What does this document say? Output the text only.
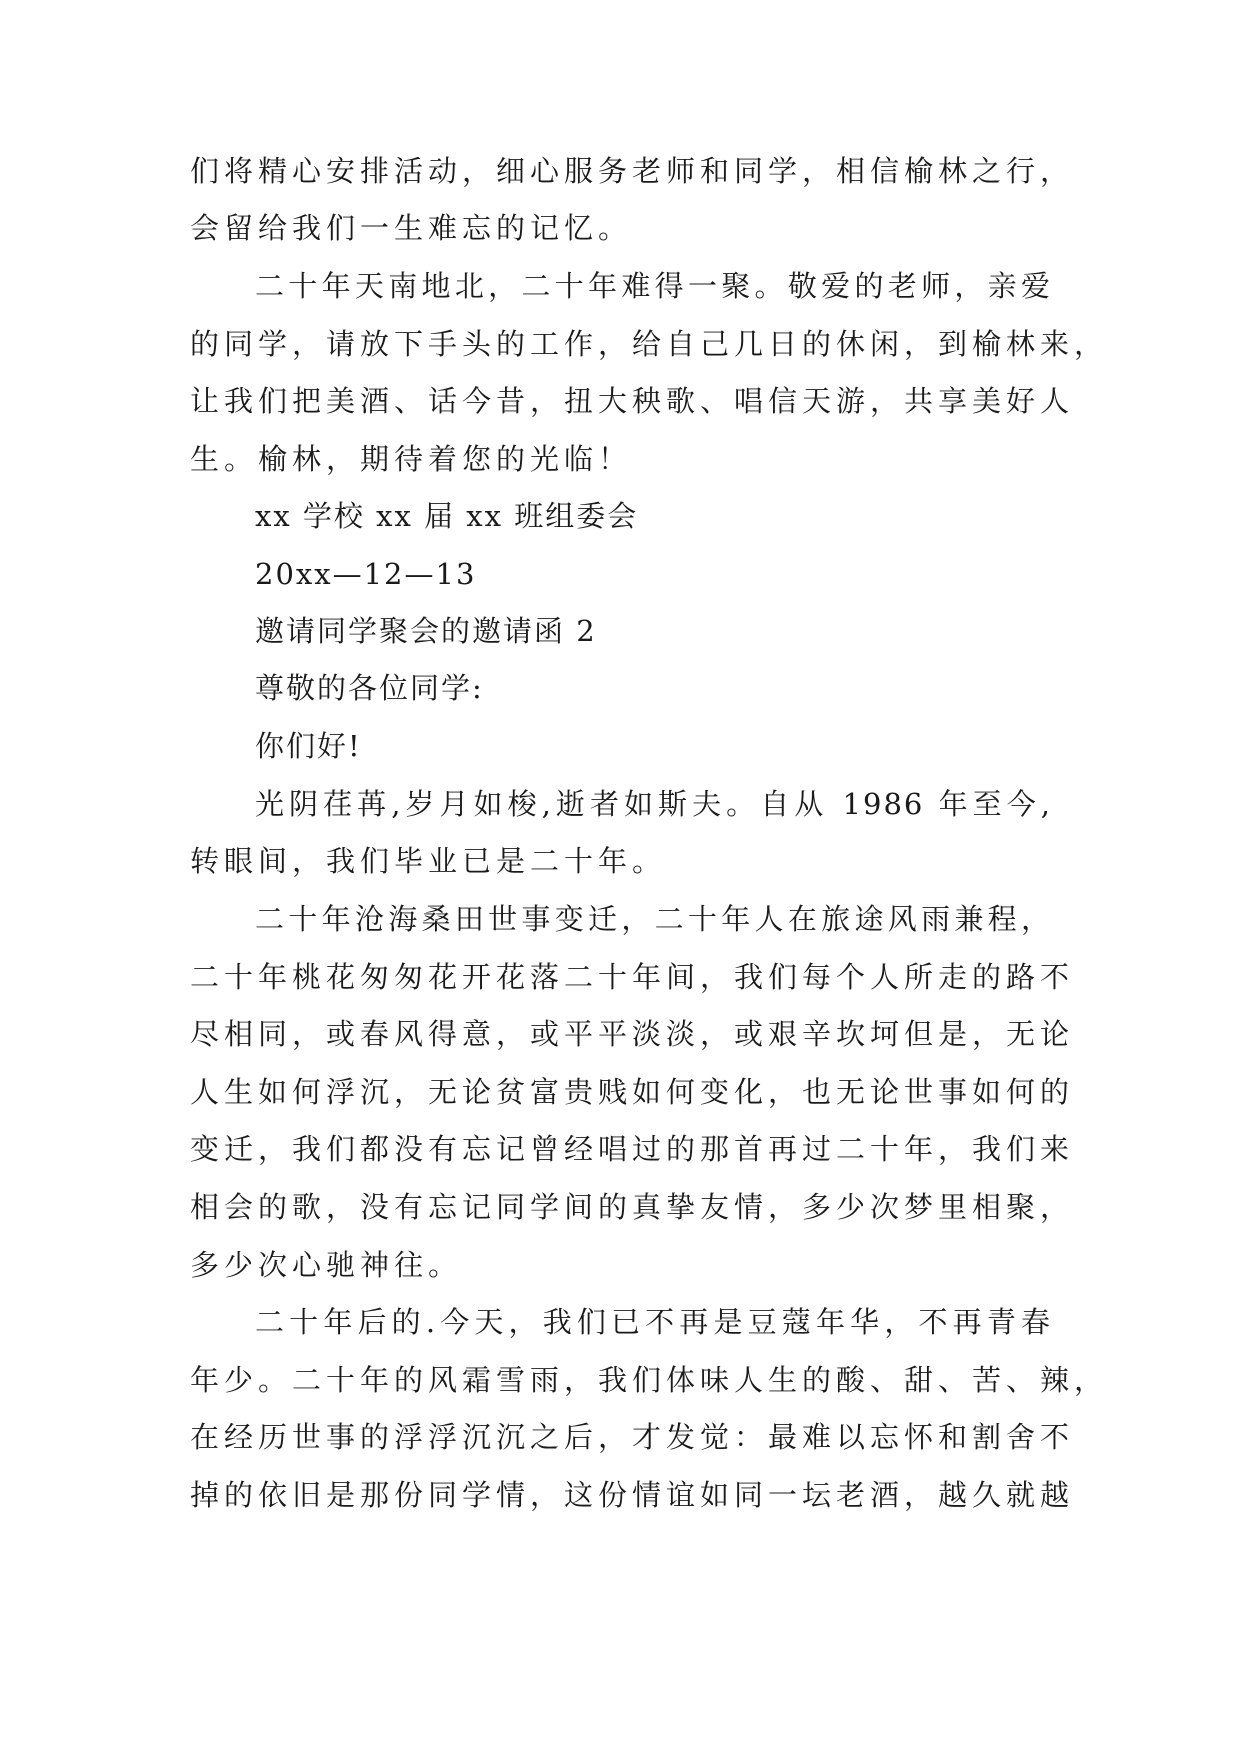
们将精心安排活动，细心服务老师和同学，相信榆林之行，
会留给我们一生难忘的记忆。
二十年天南地北，二十年难得一聚。敬爱的老师，亲爱
的同学，请放下手头的工作，给自己几日的休闲，到榆林来，
让我们把美酒、话今昔，扭大秧歌、唱信天游，共享美好人
生。榆林，期待着您的光临！
xx 学校 xx 届 xx 班组委会
20xx—12—13
邀请同学聚会的邀请函 2
尊敬的各位同学:
你们好!
光阴荏苒,岁月如梭,逝者如斯夫。自从 1986 年至今,
转眼间，我们毕业已是二十年。
二十年沧海桑田世事变迁，二十年人在旅途风雨兼程，
二十年桃花匆匆花开花落二十年间，我们每个人所走的路不
尽相同，或春风得意，或平平淡淡，或艰辛坎坷但是，无论
人生如何浮沉，无论贫富贵贱如何变化，也无论世事如何的
变迁，我们都没有忘记曾经唱过的那首再过二十年，我们来
相会的歌，没有忘记同学间的真挚友情，多少次梦里相聚，
多少次心驰神往。
二十年后的.今天，我们已不再是豆蔻年华，不再青春
年少。二十年的风霜雪雨，我们体味人生的酸、甜、苦、辣，
在经历世事的浮浮沉沉之后，才发觉：最难以忘怀和割舍不
掉的依旧是那份同学情，这份情谊如同一坛老酒，越久就越
